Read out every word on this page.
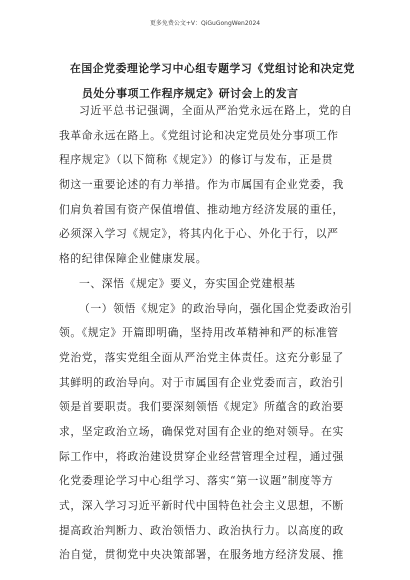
更多免费公文+V：QiGuGongWen2024
在国企党委理论学习中心组专题学习《党组讨论和决定党
员处分事项工作程序规定》研讨会上的发言
习近平总书记强调，全面从严治党永远在路上，党的自
我革命永远在路上。《党组讨论和决定党员处分事项工作
程序规定》（以下简称《规定》）的修订与发布，正是贯
彻这一重要论述的有力举措。作为市属国有企业党委，我
们肩负着国有资产保值增值、推动地方经济发展的重任，
必须深入学习《规定》，将其内化于心、外化于行，以严
格的纪律保障企业健康发展。
一、深悟《规定》要义，夯实国企党建根基
（一）领悟《规定》的政治导向，强化国企党委政治引
领。《规定》开篇即明确，坚持用改革精神和严的标准管
党治党，落实党组全面从严治党主体责任。这充分彰显了
其鲜明的政治导向。对于市属国有企业党委而言，政治引
领是首要职责。我们要深刻领悟《规定》所蕴含的政治要
求，坚定政治立场，确保党对国有企业的绝对领导。在实
际工作中，将政治建设贯穿企业经营管理全过程，通过强
化党委理论学习中心组学习、落实“第一议题”制度等方
式，深入学习习近平新时代中国特色社会主义思想，不断
提高政治判断力、政治领悟力、政治执行力。以高度的政
治自觉，贯彻党中央决策部署，在服务地方经济发展、推
